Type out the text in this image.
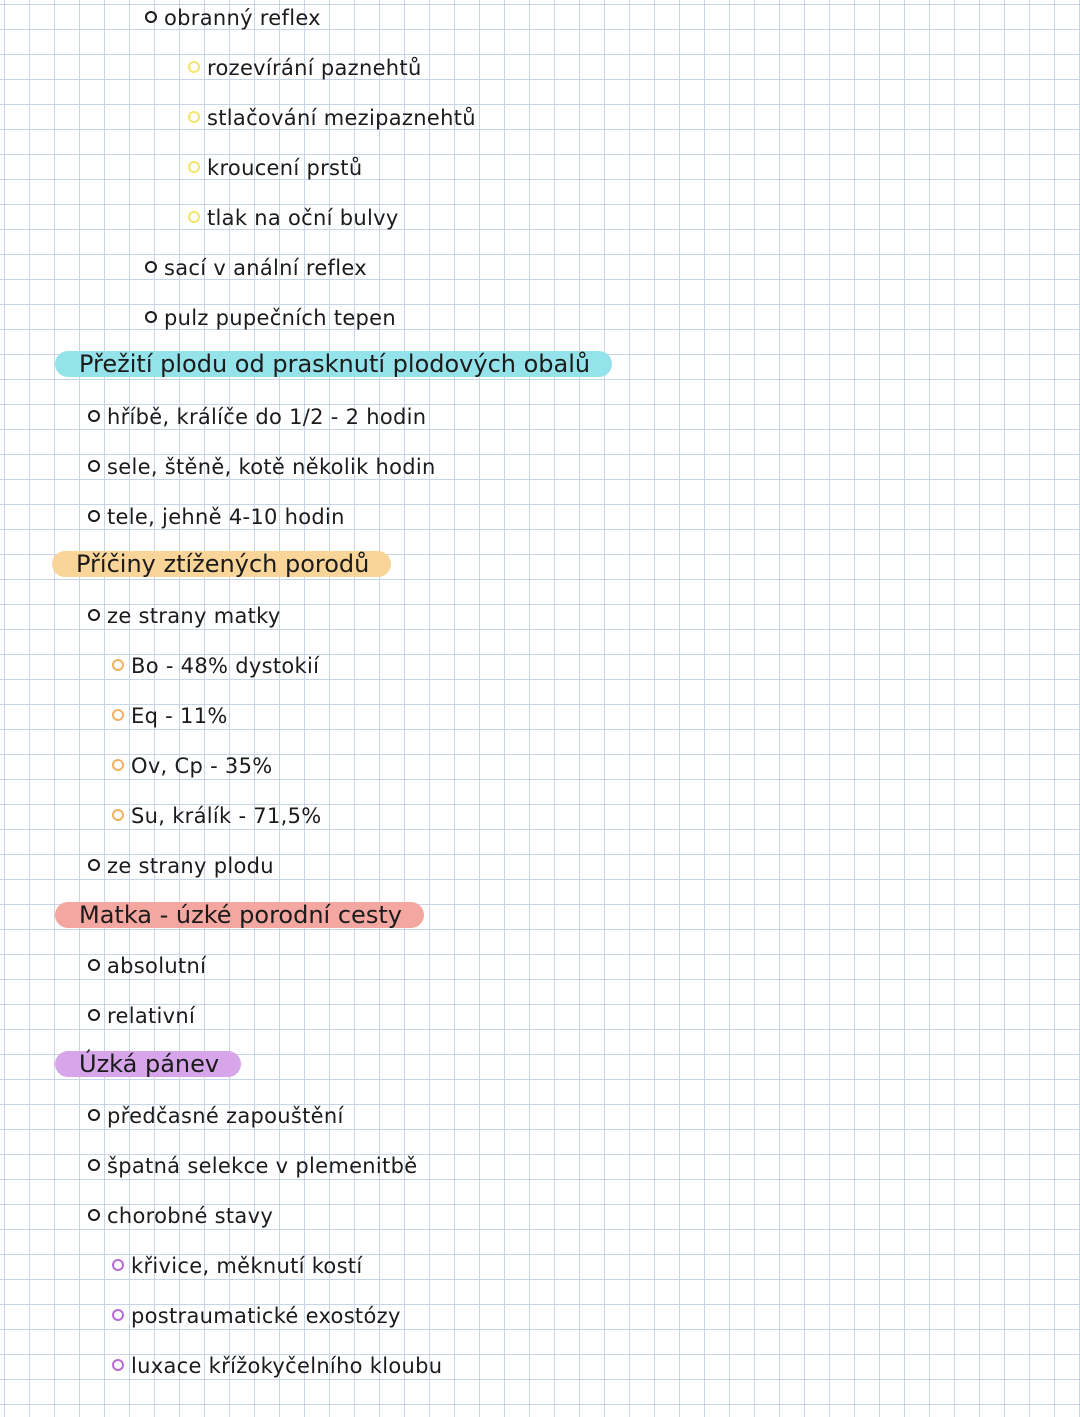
obranný reflex
rozevírání paznehtů
stlačování mezipaznehtů
kroucení prstů
tlak na oční bulvy
sací v anální reflex
pulz pupečních tepen
Přežití plodu od prasknutí plodových obalů
hříbě, králíče do 1/2 - 2 hodin
sele, štěně, kotě několik hodin
tele, jehně 4-10 hodin
Příčiny ztížených porodů
ze strany matky
Bo - 48% dystokií
Eq - 11%
Ov, Cp - 35%
Su, králík - 71,5%
ze strany plodu
Matka - úzké porodní cesty
absolutní
relativní
Úzká pánev
předčasné zapouštění
špatná selekce v plemenitbě
chorobné stavy
křivice, měknutí kostí
postraumatické exostózy
luxace křížokyčelního kloubu
